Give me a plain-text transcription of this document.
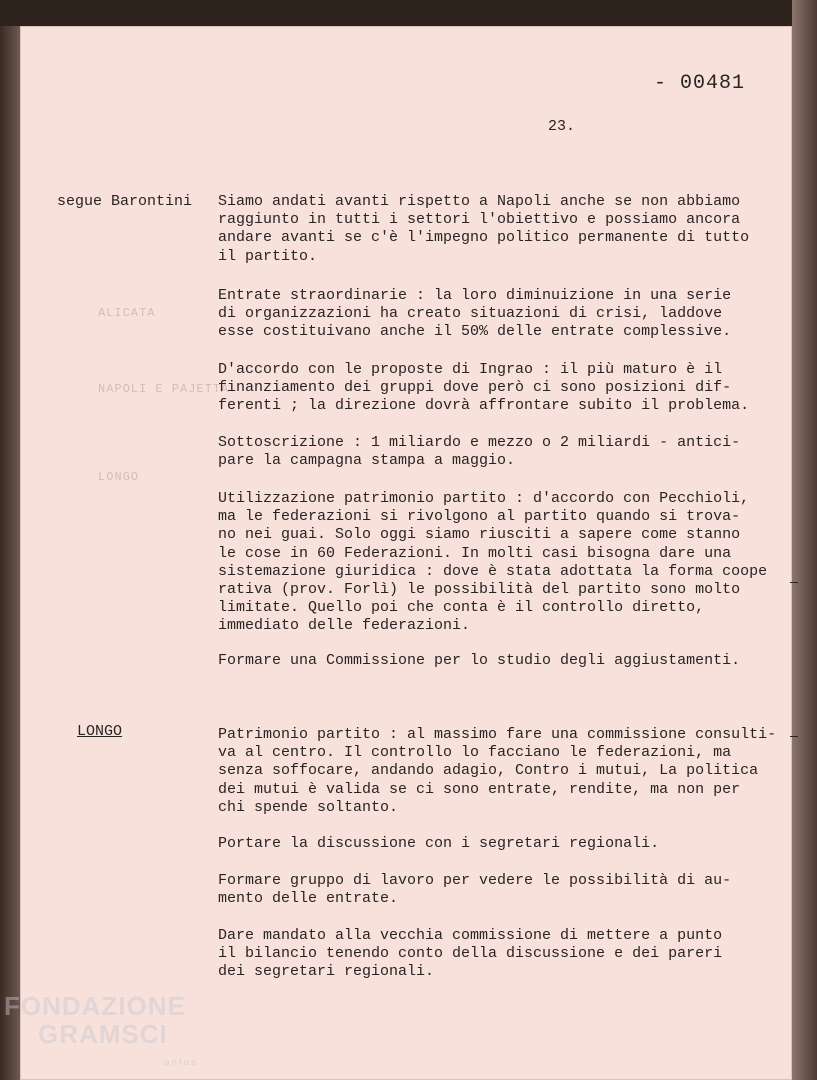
- 00481
23.
ALICATA
NAPOLI E PAJETTA
LONGO
segue Barontini Siamo andati avanti rispetto a Napoli anche se non abbiamo
raggiunto in tutti i settori l'obiettivo e possiamo ancora
andare avanti se c'è l'impegno politico permanente di tutto
il partito.
Entrate straordinarie : la loro diminuizione in una serie
di organizzazioni ha creato situazioni di crisi, laddove
esse costituivano anche il 50% delle entrate complessive.
D'accordo con le proposte di Ingrao : il più maturo è il
finanziamento dei gruppi dove però ci sono posizioni dif-
ferenti ; la direzione dovrà affrontare subito il problema.
Sottoscrizione : 1 miliardo e mezzo o 2 miliardi - antici-
pare la campagna stampa a maggio.
Utilizzazione patrimonio partito : d'accordo con Pecchioli,
ma le federazioni si rivolgono al partito quando si trova-
no nei guai. Solo oggi siamo riusciti a sapere come stanno
le cose in 60 Federazioni. In molti casi bisogna dare una
sistemazione giuridica : dove è stata adottata la forma coope
rativa (prov. Forlì) le possibilità del partito sono molto
limitate. Quello poi che conta è il controllo diretto,
immediato delle federazioni.
Formare una Commissione per lo studio degli aggiustamenti.
LONGO	Patrimonio partito : al massimo fare una commissione consulti-
va al centro. Il controllo lo facciano le federazioni, ma
senza soffocare, andando adagio, Contro i mutui, La politica
dei mutui è valida se ci sono entrate, rendite, ma non per
chi spende soltanto.
Portare la discussione con i segretari regionali.
Formare gruppo di lavoro per vedere le possibilità di au-
mento delle entrate.
Dare mandato alla vecchia commissione di mettere a punto
il bilancio tenendo conto della discussione e dei pareri
dei segretari regionali.
FONDAZIONE
GRAMSCI
onlus
